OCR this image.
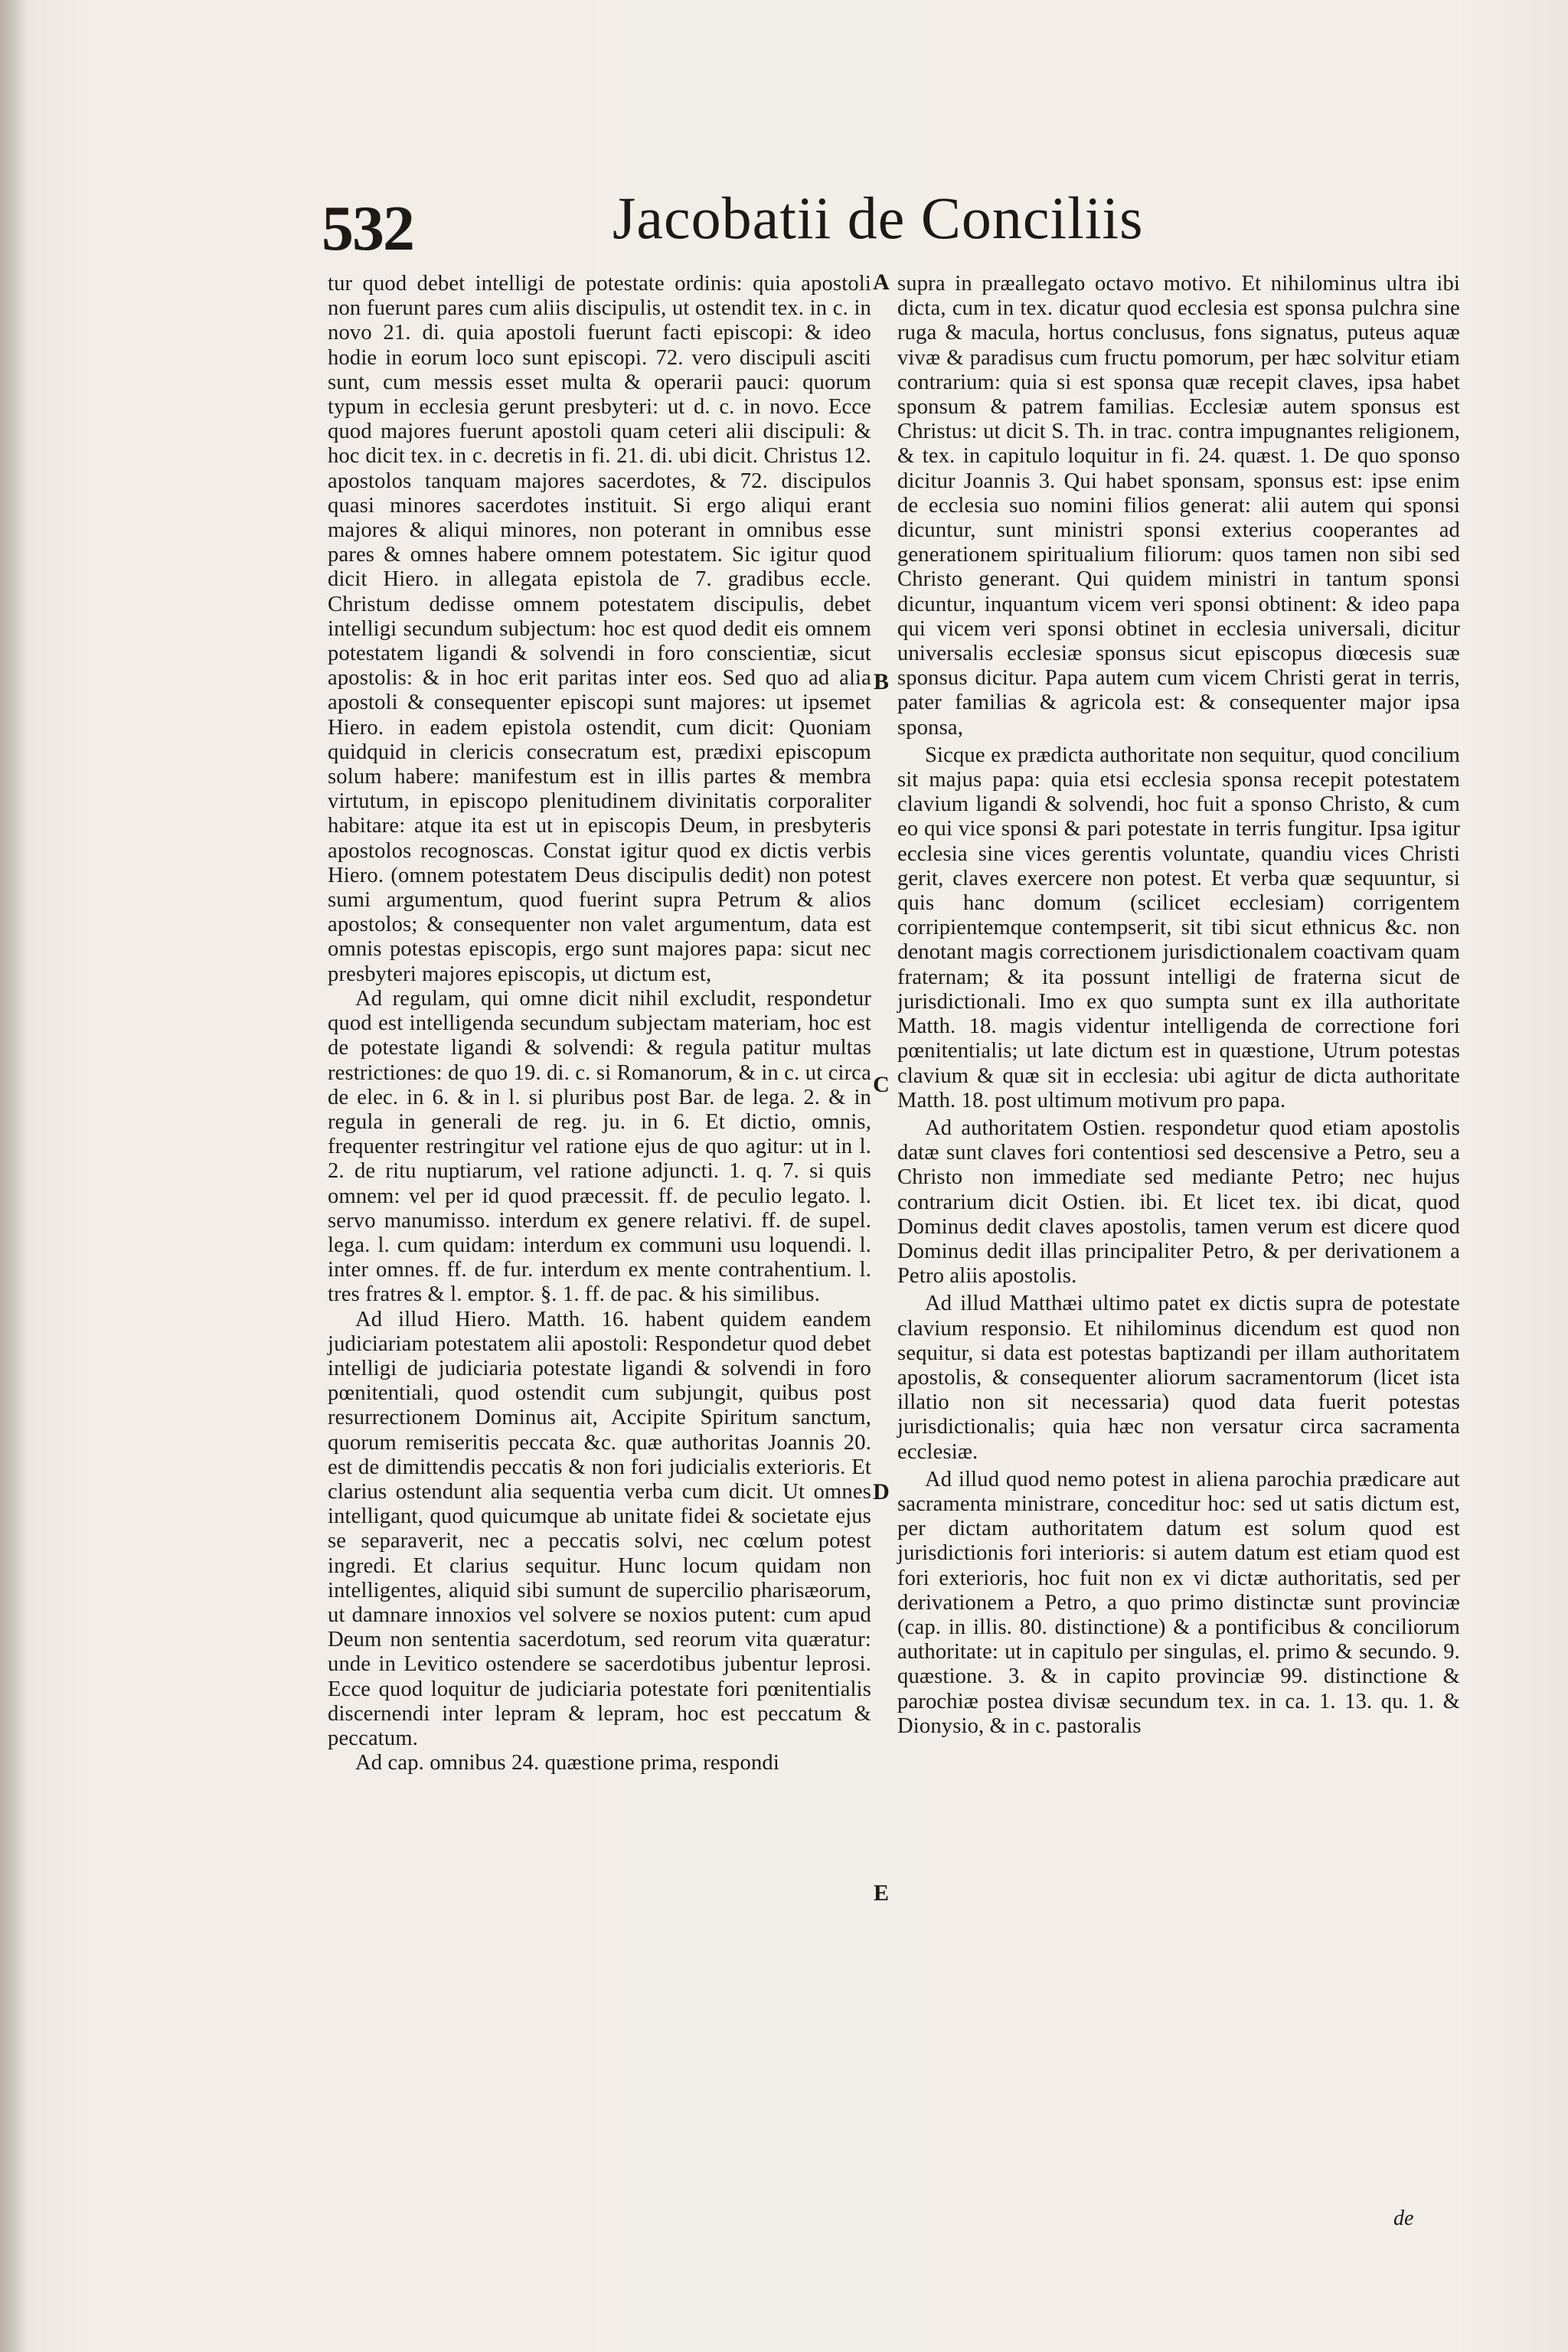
532	Jacobatii de Conciliis

tur quod debet intelligi de potestate ordinis: quia apostoli non fuerunt pares cum aliis discipulis, ut ostendit tex. in c. in novo 21. di. quia apostoli fuerunt facti episcopi: & ideo hodie in eorum loco sunt episcopi. 72. vero discipuli asciti sunt, cum messis esset multa & operarii pauci: quorum typum in ecclesia gerunt presbyteri: ut d. c. in novo. Ecce quod majores fuerunt apostoli quam ceteri alii discipuli: & hoc dicit tex. in c. decretis in fi. 21. di. ubi dicit. Christus 12. apostolos tanquam majores sacerdotes, & 72. discipulos quasi minores sacerdotes instituit. Si ergo aliqui erant majores & aliqui minores, non poterant in omnibus esse pares & omnes habere omnem potestatem. Sic igitur quod dicit Hiero. in allegata epistola de 7. gradibus eccle. Christum dedisse omnem potestatem discipulis, debet intelligi secundum subjectum: hoc est quod dedit eis omnem potestatem ligandi & solvendi in foro conscientiæ, sicut apostolis: & in hoc erit paritas inter eos. Sed quo ad alia apostoli & consequenter episcopi sunt majores: ut ipsemet Hiero. in eadem epistola ostendit, cum dicit: Quoniam quidquid in clericis consecratum est, prædixi episcopum solum habere: manifestum est in illis partes & membra virtutum, in episcopo plenitudinem divinitatis corporaliter habitare: atque ita est ut in episcopis Deum, in presbyteris apostolos recognoscas. Constat igitur quod ex dictis verbis Hiero. (omnem potestatem Deus discipulis dedit) non potest sumi argumentum, quod fuerint supra Petrum & alios apostolos; & consequenter non valet argumentum, data est omnis potestas episcopis, ergo sunt majores papa: sicut nec presbyteri majores episcopis, ut dictum est,

Ad regulam, qui omne dicit nihil excludit, respondetur quod est intelligenda secundum subjectam materiam, hoc est de potestate ligandi & solvendi: & regula patitur multas restrictiones: de quo 19. di. c. si Romanorum, & in c. ut circa de elec. in 6. & in l. si pluribus post Bar. de lega. 2. & in regula in generali de reg. ju. in 6. Et dictio, omnis, frequenter restringitur vel ratione ejus de quo agitur: ut in l. 2. de ritu nuptiarum, vel ratione adjuncti. 1. q. 7. si quis omnem: vel per id quod præcessit. ff. de peculio legato. l. servo manumisso. interdum ex genere relativi. ff. de supel. lega. l. cum quidam: interdum ex communi usu loquendi. l. inter omnes. ff. de fur. interdum ex mente contrahentium. l. tres fratres & l. emptor. §. 1. ff. de pac. & his similibus.

Ad illud Hiero. Matth. 16. habent quidem eandem judiciariam potestatem alii apostoli: Respondetur quod debet intelligi de judiciaria potestate ligandi & solvendi in foro pœnitentiali, quod ostendit cum subjungit, quibus post resurrectionem Dominus ait, Accipite Spiritum sanctum, quorum remiseritis peccata &c. quæ authoritas Joannis 20. est de dimittendis peccatis & non fori judicialis exterioris. Et clarius ostendunt alia sequentia verba cum dicit. Ut omnes intelligant, quod quicumque ab unitate fidei & societate ejus se separaverit, nec a peccatis solvi, nec cœlum potest ingredi. Et clarius sequitur. Hunc locum quidam non intelligentes, aliquid sibi sumunt de supercilio pharisæorum, ut damnare innoxios vel solvere se noxios putent: cum apud Deum non sententia sacerdotum, sed reorum vita quæratur: unde in Levitico ostendere se sacerdotibus jubentur leprosi. Ecce quod loquitur de judiciaria potestate fori pœnitentialis discernendi inter lepram & lepram, hoc est peccatum & peccatum.

Ad cap. omnibus 24. quæstione prima, respondi

A
B
C
D
E

supra in præallegato octavo motivo. Et nihilominus ultra ibi dicta, cum in tex. dicatur quod ecclesia est sponsa pulchra sine ruga & macula, hortus conclusus, fons signatus, puteus aquæ vivæ & paradisus cum fructu pomorum, per hæc solvitur etiam contrarium: quia si est sponsa quæ recepit claves, ipsa habet sponsum & patrem familias. Ecclesiæ autem sponsus est Christus: ut dicit S. Th. in trac. contra impugnantes religionem, & tex. in capitulo loquitur in fi. 24. quæst. 1. De quo sponso dicitur Joannis 3. Qui habet sponsam, sponsus est: ipse enim de ecclesia suo nomini filios generat: alii autem qui sponsi dicuntur, sunt ministri sponsi exterius cooperantes ad generationem spiritualium filiorum: quos tamen non sibi sed Christo generant. Qui quidem ministri in tantum sponsi dicuntur, inquantum vicem veri sponsi obtinent: & ideo papa qui vicem veri sponsi obtinet in ecclesia universali, dicitur universalis ecclesiæ sponsus sicut episcopus diœcesis suæ sponsus dicitur. Papa autem cum vicem Christi gerat in terris, pater familias & agricola est: & consequenter major ipsa sponsa,

Sicque ex prædicta authoritate non sequitur, quod concilium sit majus papa: quia etsi ecclesia sponsa recepit potestatem clavium ligandi & solvendi, hoc fuit a sponso Christo, & cum eo qui vice sponsi & pari potestate in terris fungitur. Ipsa igitur ecclesia sine vices gerentis voluntate, quandiu vices Christi gerit, claves exercere non potest. Et verba quæ sequuntur, si quis hanc domum (scilicet ecclesiam) corrigentem corripientemque contempserit, sit tibi sicut ethnicus &c. non denotant magis correctionem jurisdictionalem coactivam quam fraternam; & ita possunt intelligi de fraterna sicut de jurisdictionali. Imo ex quo sumpta sunt ex illa authoritate Matth. 18. magis videntur intelligenda de correctione fori pœnitentialis; ut late dictum est in quæstione, Utrum potestas clavium & quæ sit in ecclesia: ubi agitur de dicta authoritate Matth. 18. post ultimum motivum pro papa.

Ad authoritatem Ostien. respondetur quod etiam apostolis datæ sunt claves fori contentiosi sed descensive a Petro, seu a Christo non immediate sed mediante Petro; nec hujus contrarium dicit Ostien. ibi. Et licet tex. ibi dicat, quod Dominus dedit claves apostolis, tamen verum est dicere quod Dominus dedit illas principaliter Petro, & per derivationem a Petro aliis apostolis.

Ad illud Matthæi ultimo patet ex dictis supra de potestate clavium responsio. Et nihilominus dicendum est quod non sequitur, si data est potestas baptizandi per illam authoritatem apostolis, & consequenter aliorum sacramentorum (licet ista illatio non sit necessaria) quod data fuerit potestas jurisdictionalis; quia hæc non versatur circa sacramenta ecclesiæ.

Ad illud quod nemo potest in aliena parochia prædicare aut sacramenta ministrare, conceditur hoc: sed ut satis dictum est, per dictam authoritatem datum est solum quod est jurisdictionis fori interioris: si autem datum est etiam quod est fori exterioris, hoc fuit non ex vi dictæ authoritatis, sed per derivationem a Petro, a quo primo distinctæ sunt provinciæ (cap. in illis. 80. distinctione) & a pontificibus & conciliorum authoritate: ut in capitulo per singulas, el. primo & secundo. 9. quæstione. 3. & in capito provinciæ 99. distinctione & parochiæ postea divisæ secundum tex. in ca. 1. 13. qu. 1. & Dionysio, & in c. pastoralis

de
